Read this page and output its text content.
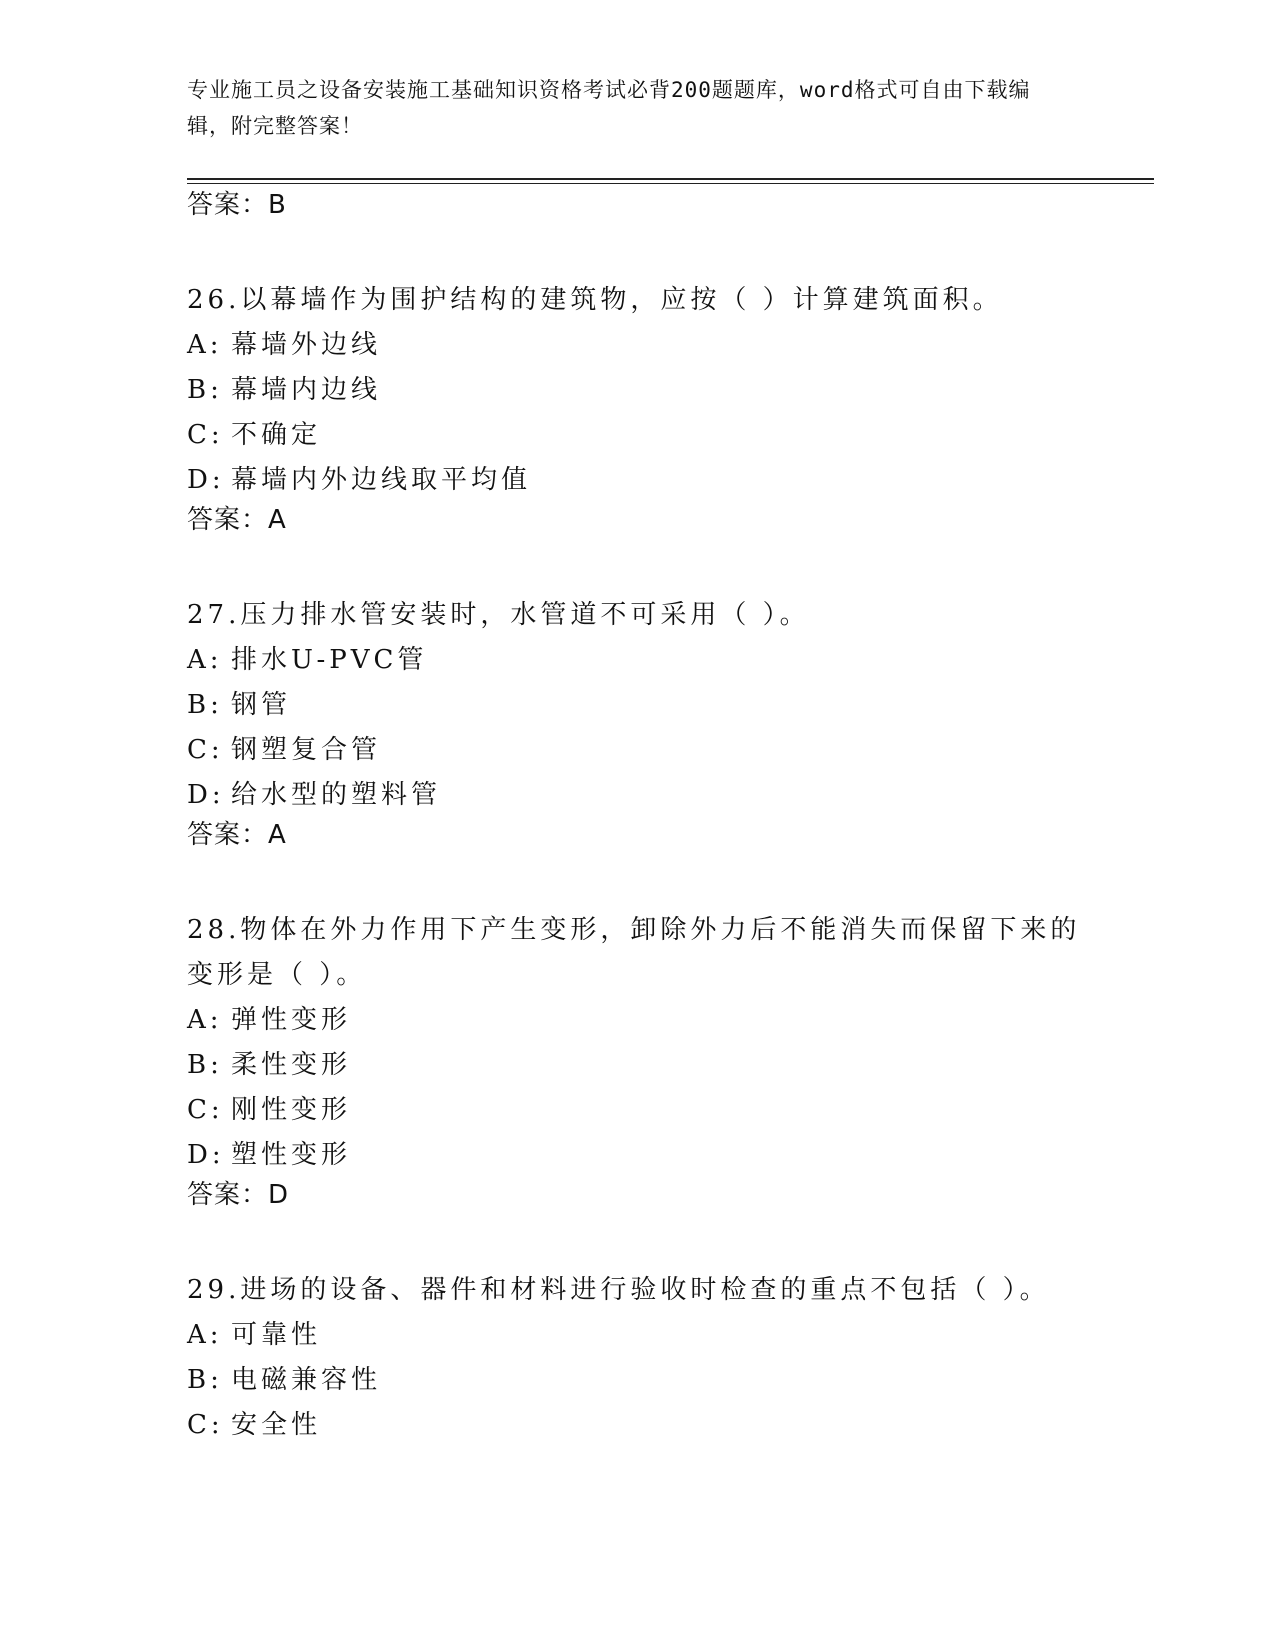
专业施工员之设备安装施工基础知识资格考试必背200题题库，word格式可自由下载编辑，附完整答案！

答案：B

26.以幕墙作为围护结构的建筑物，应按（ ）计算建筑面积。

A: 幕墙外边线
B: 幕墙内边线
C: 不确定
D: 幕墙内外边线取平均值

答案：A

27.压力排水管安装时，水管道不可采用（ ）。

A: 排水U-PVC管
B: 钢管
C: 钢塑复合管
D: 给水型的塑料管

答案：A

28.物体在外力作用下产生变形，卸除外力后不能消失而保留下来的变形是（ ）。

A: 弹性变形
B: 柔性变形
C: 刚性变形
D: 塑性变形

答案：D

29.进场的设备、器件和材料进行验收时检查的重点不包括（ ）。

A: 可靠性
B: 电磁兼容性
C: 安全性
